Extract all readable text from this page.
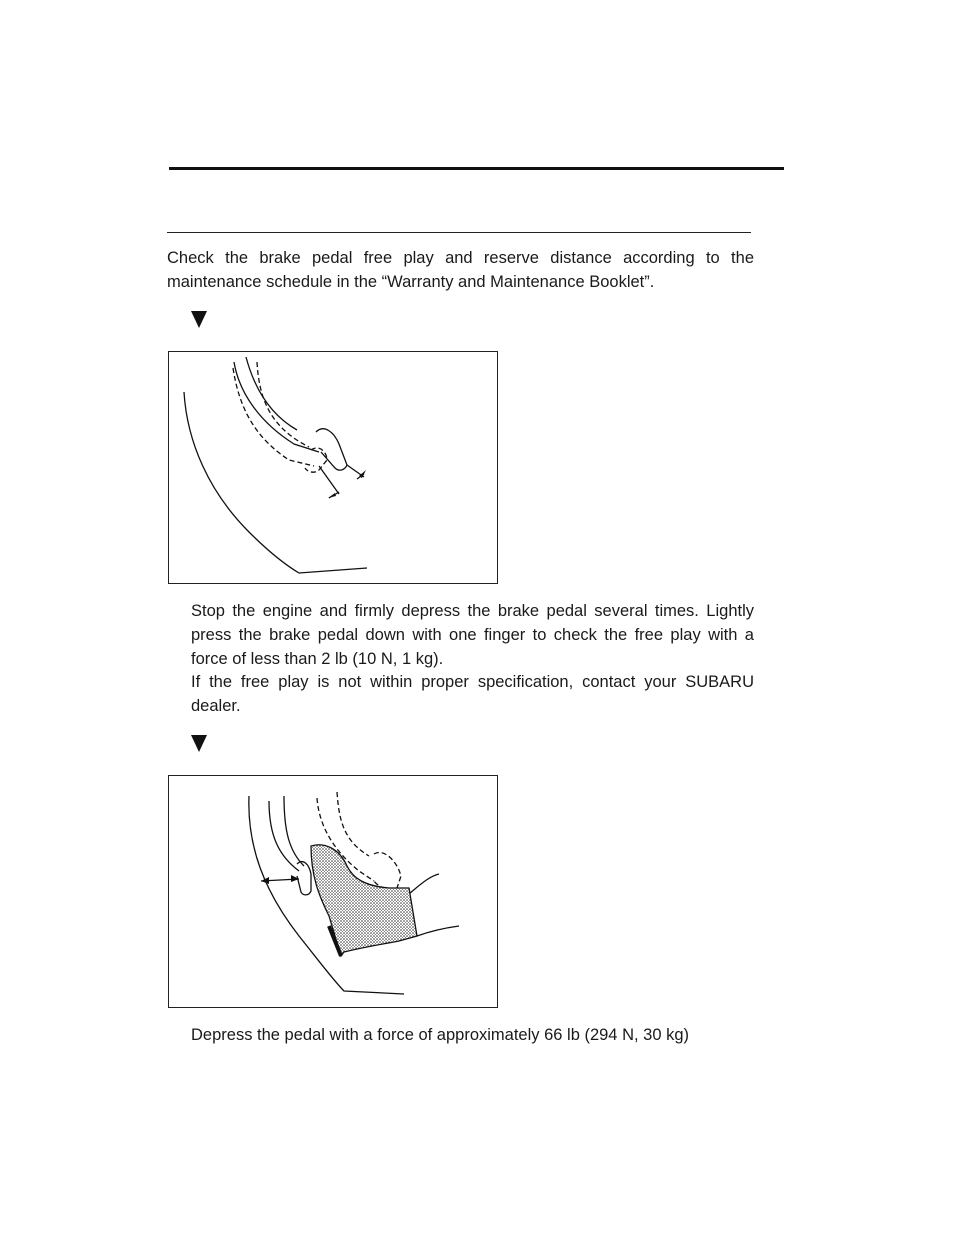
Check the brake pedal free play and reserve distance according to the maintenance schedule in the “Warranty and Maintenance Booklet”.

Stop the engine and firmly depress the brake pedal several times. Lightly press the brake pedal down with one finger to check the free play with a force of less than 2 lb (10 N, 1 kg).

If the free play is not within proper specification, contact your SUBARU dealer.

Depress the pedal with a force of approximately 66 lb (294 N, 30 kg)
